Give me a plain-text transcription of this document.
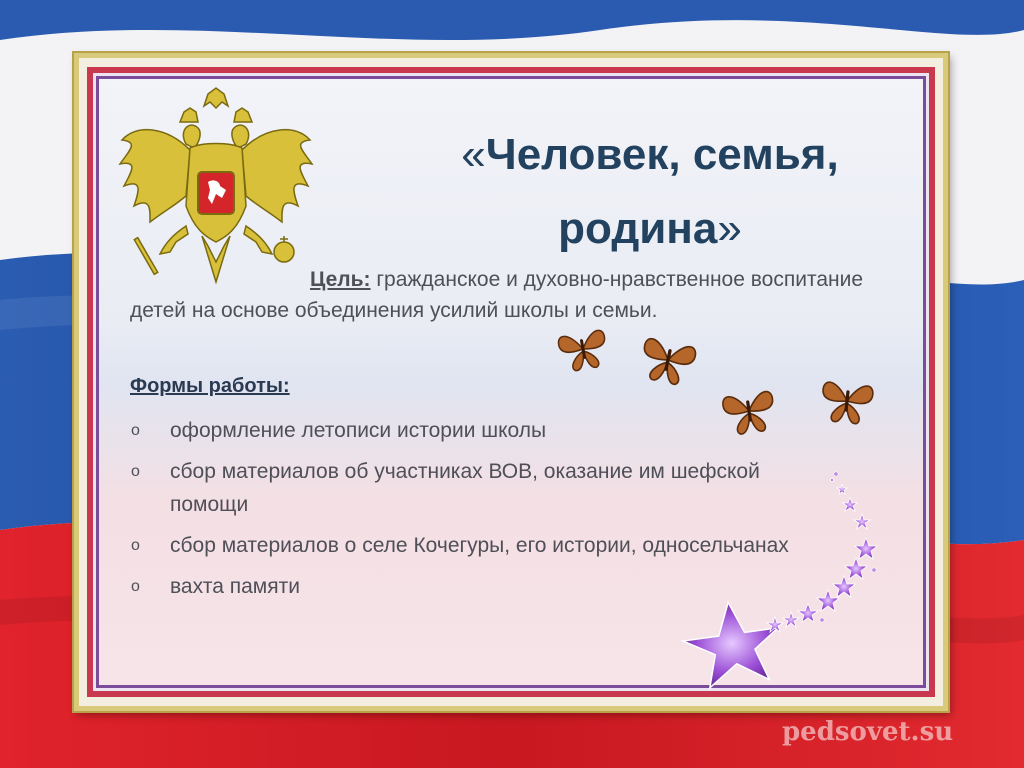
«Человек, семья,
родина»

Цель: гражданское и духовно-нравственное воспитание детей на основе объединения усилий школы и семьи.

Формы работы:

o оформление летописи истории школы
o сбор материалов об участниках ВОВ, оказание им шефской помощи
o сбор материалов о селе Кочегуры, его истории, односельчанах
o вахта памяти
pedsovet.su
